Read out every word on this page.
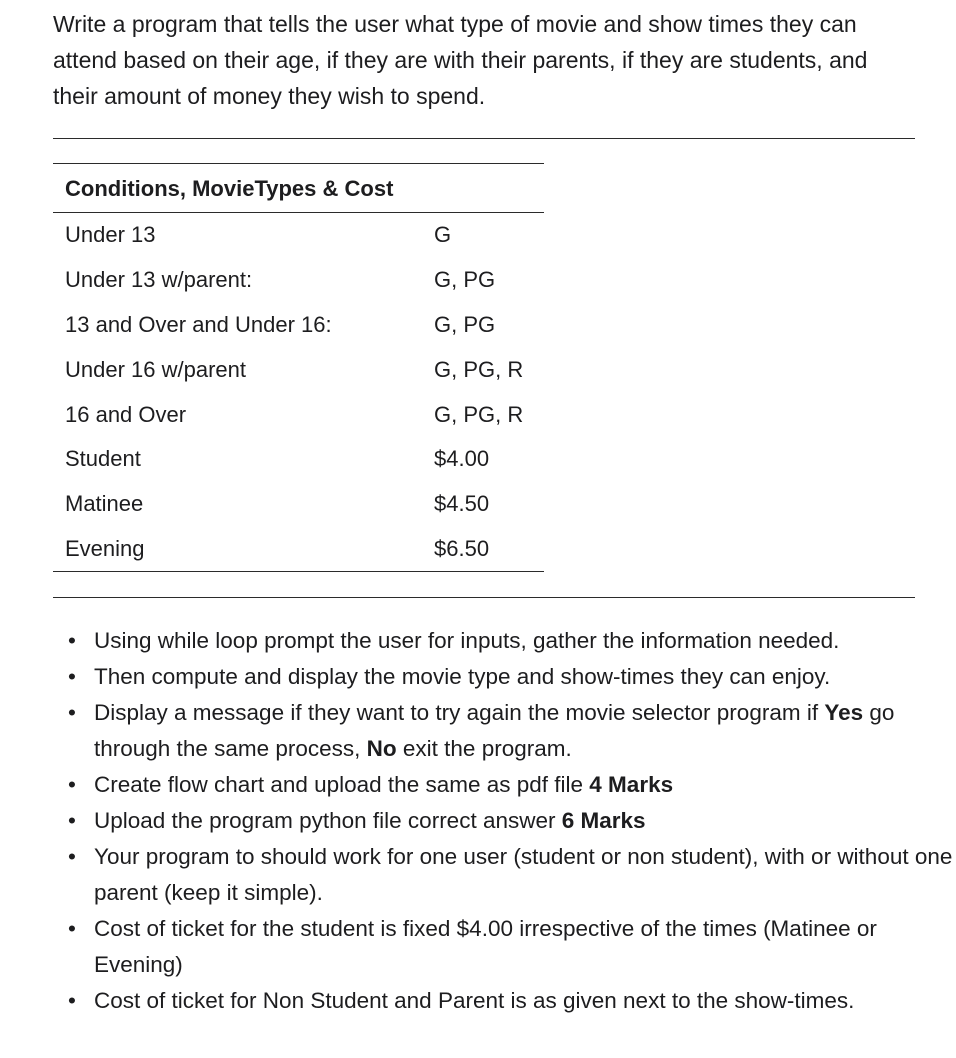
Write a program that tells the user what type of movie and show times they can attend based on their age, if they are with their parents, if they are students, and their amount of money they wish to spend.

Conditions, MovieTypes & Cost	
Under 13	G
Under 13 w/parent:	G, PG
13 and Over and Under 16:	G, PG
Under 16 w/parent	G, PG, R
16 and Over	G, PG, R
Student	$4.00
Matinee	$4.50
Evening	$6.50
• Using while loop prompt the user for inputs, gather the information needed.
• Then compute and display the movie type and show-times they can enjoy.
• Display a message if they want to try again the movie selector program if Yes go through the same process, No exit the program.
• Create flow chart and upload the same as pdf file 4 Marks
• Upload the program python file correct answer 6 Marks
• Your program to should work for one user (student or non student), with or without one parent (keep it simple).
• Cost of ticket for the student is fixed $4.00 irrespective of the times (Matinee or Evening)
• Cost of ticket for Non Student and Parent is as given next to the show-times.
